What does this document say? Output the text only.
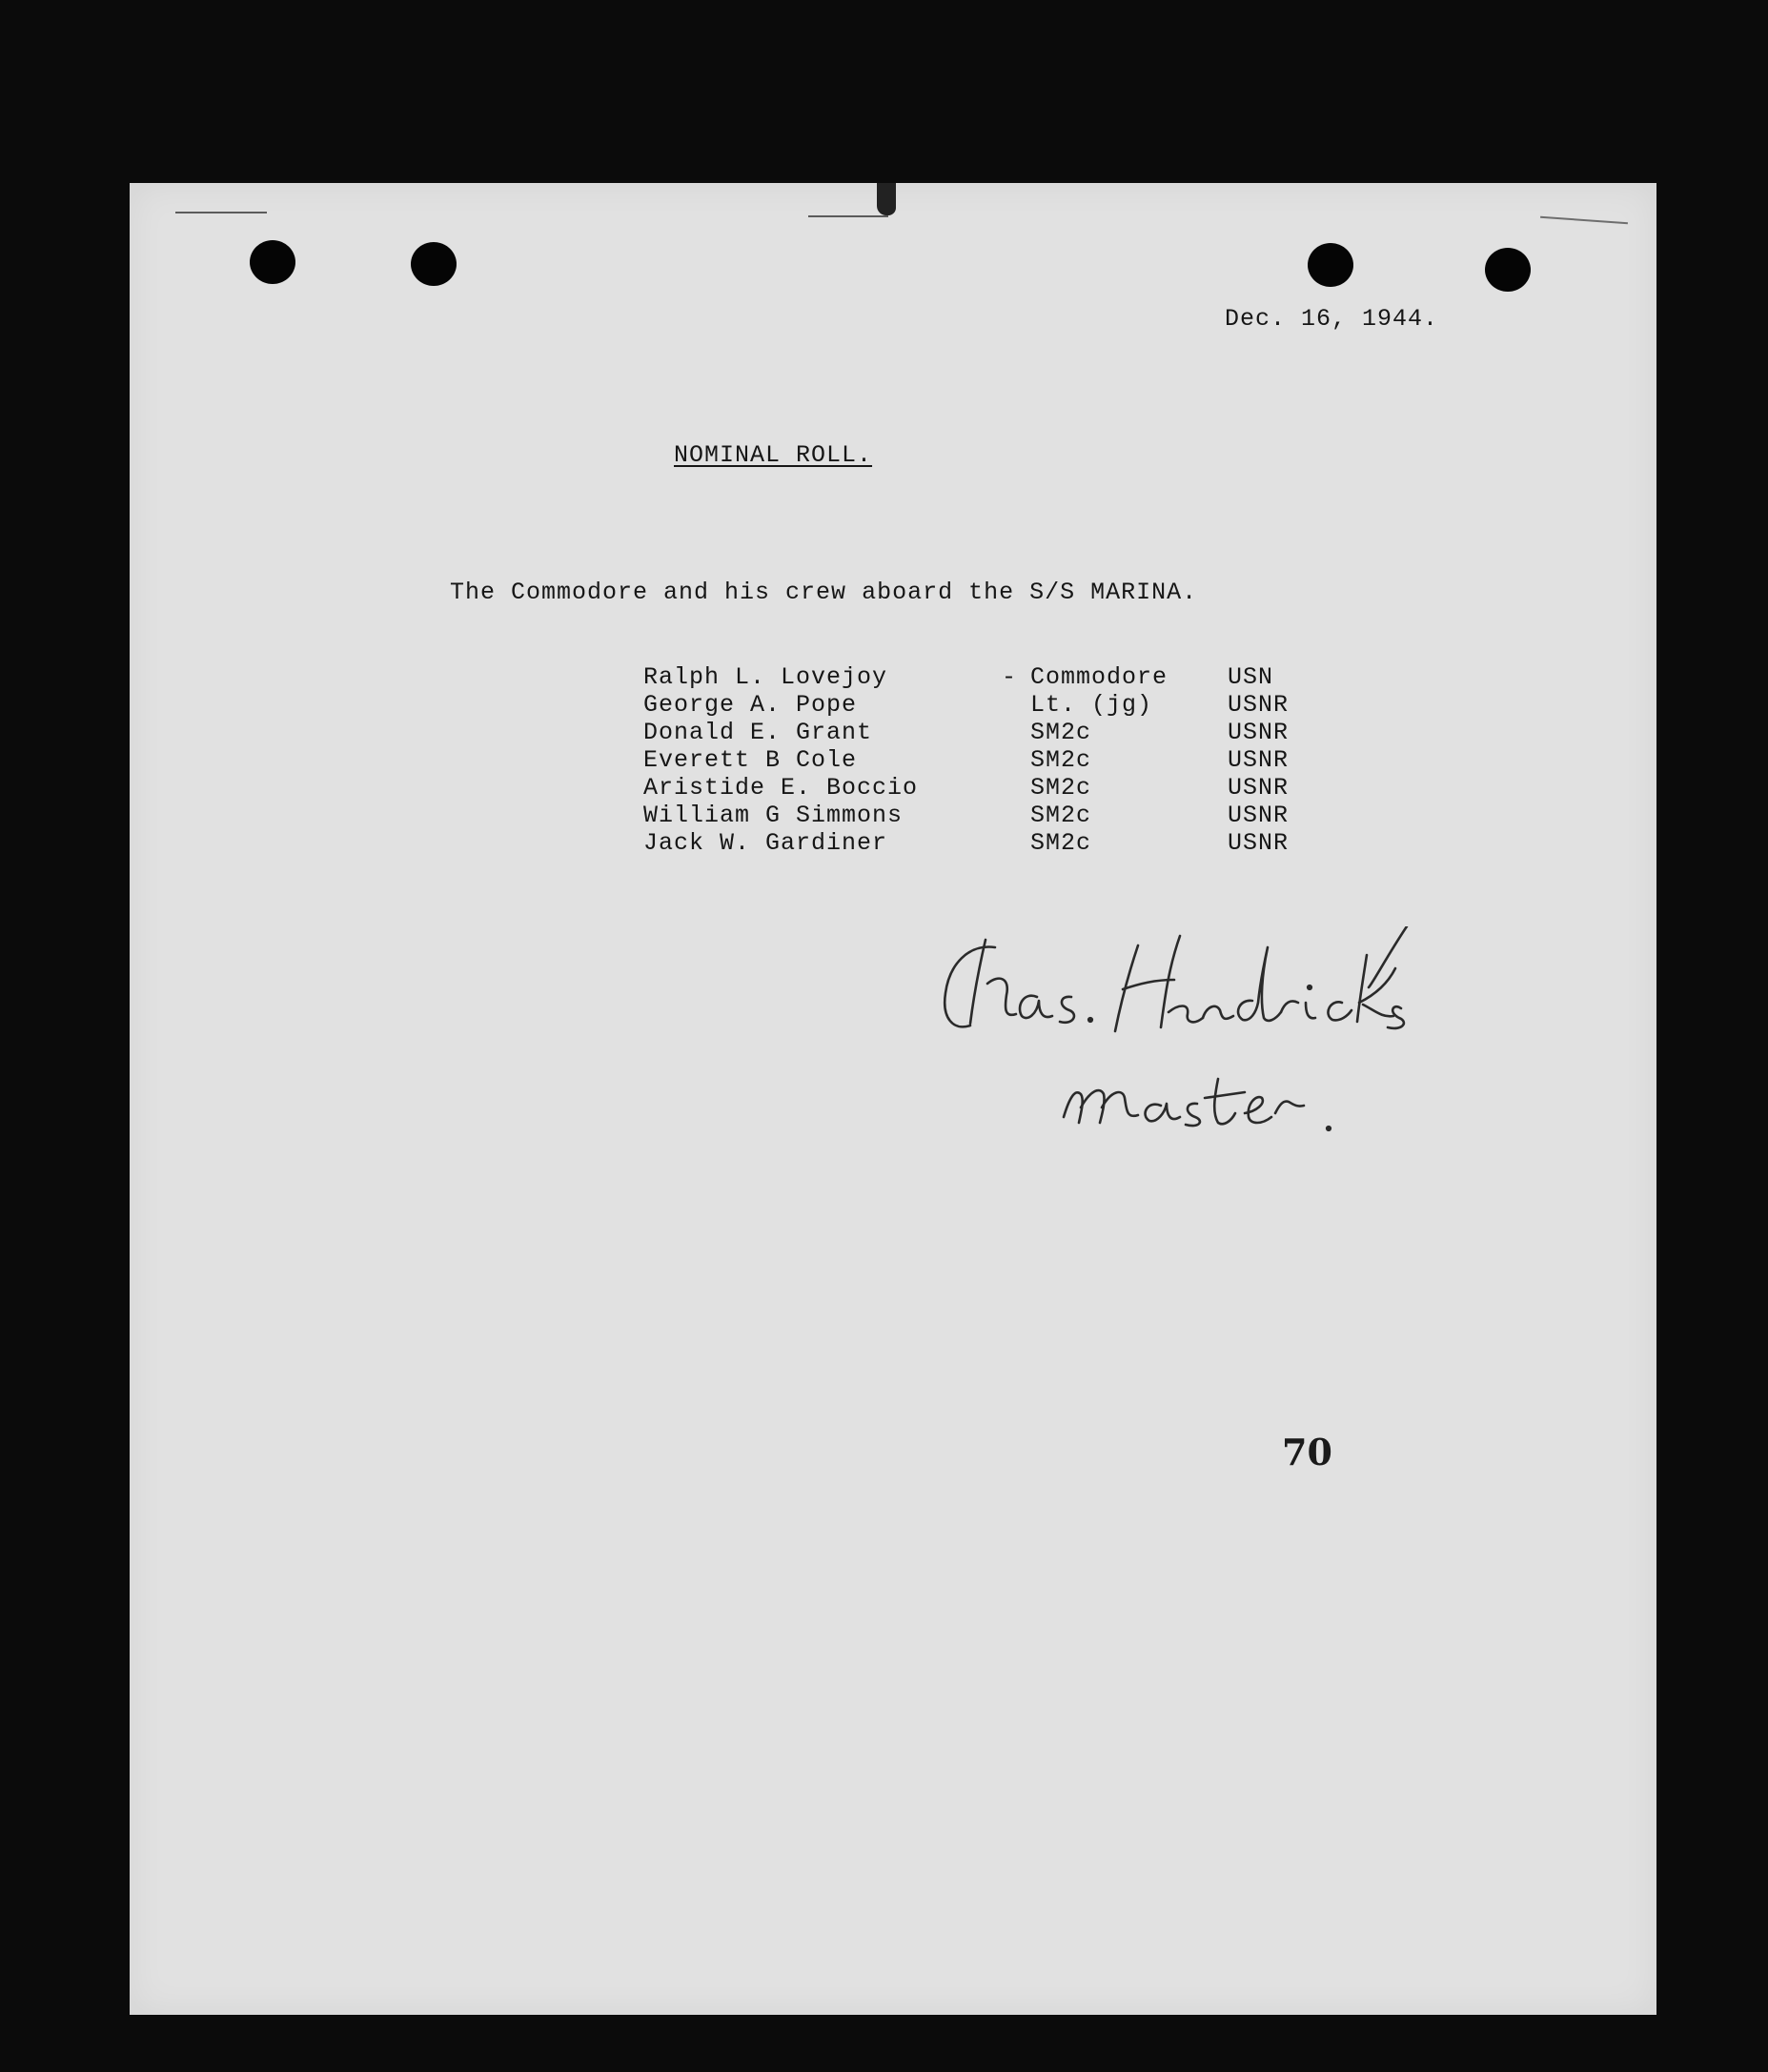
Dec. 16, 1944.
NOMINAL ROLL.
The Commodore and his crew aboard the S/S MARINA.
Ralph L. Lovejoy	- Commodore	USN
George A. Pope	Lt. (jg)	USNR
Donald E. Grant	SM2c	USNR
Everett B Cole	SM2c	USNR
Aristide E. Boccio	SM2c	USNR
William G Simmons	SM2c	USNR
Jack W. Gardiner	SM2c	USNR
70
